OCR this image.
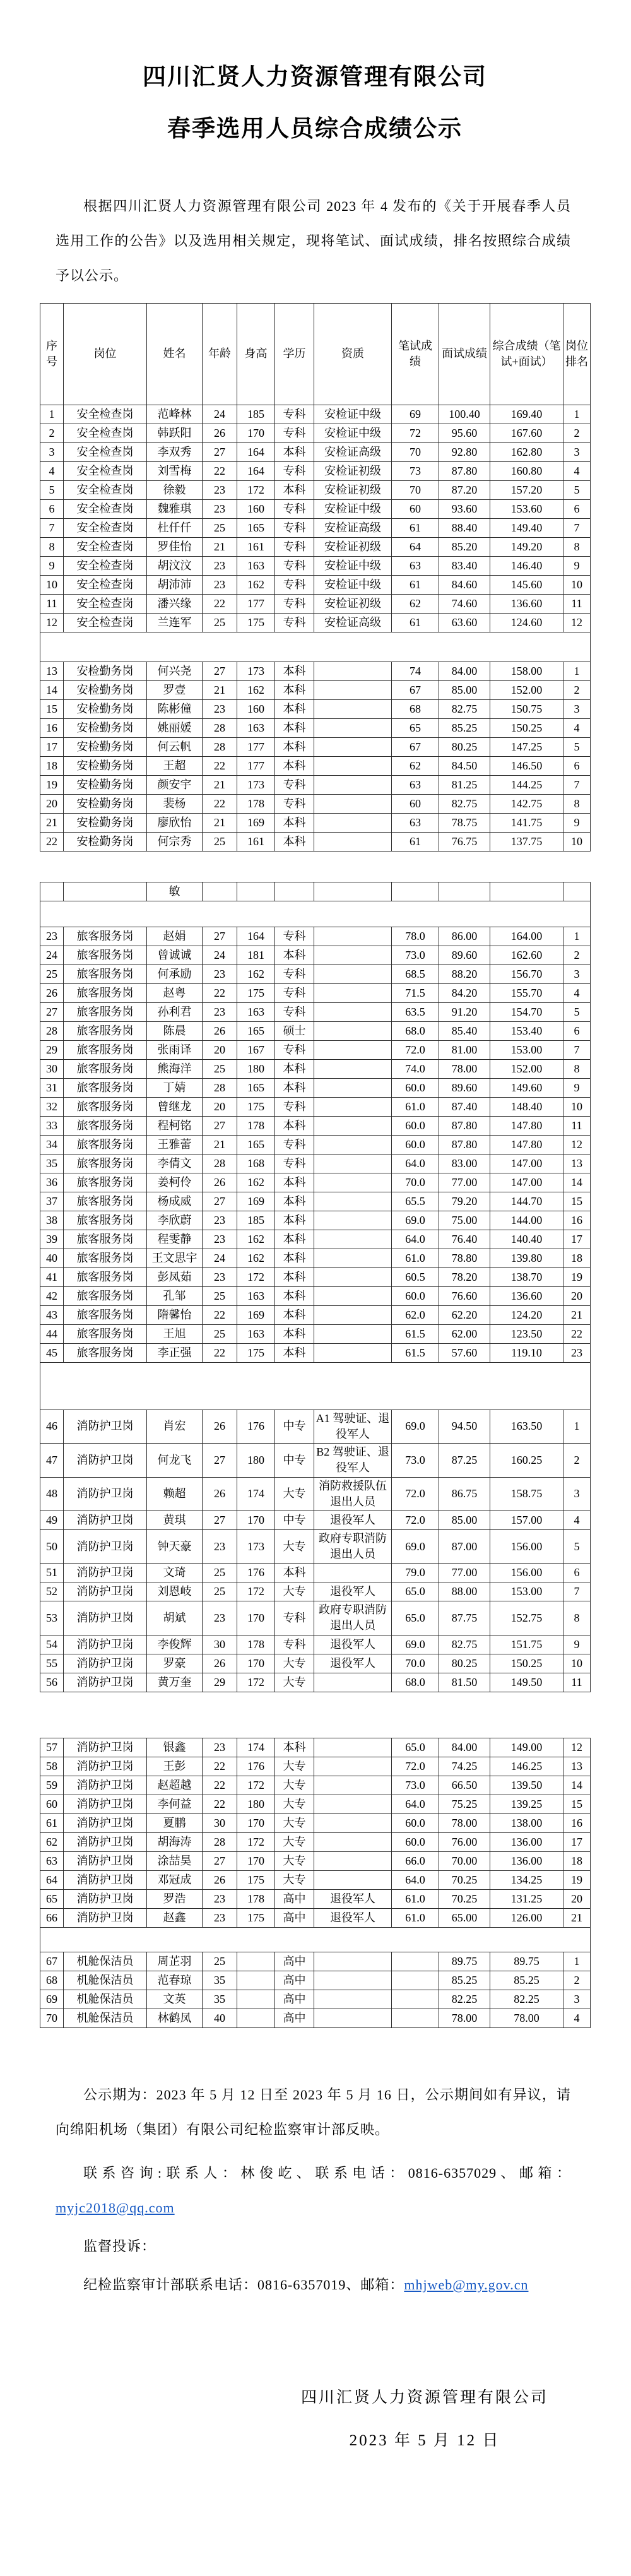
四川汇贤人力资源管理有限公司
春季选用人员综合成绩公示
根据四川汇贤人力资源管理有限公司 2023 年 4 发布的《关于开展春季人员选用工作的公告》以及选用相关规定，现将笔试、面试成绩，排名按照综合成绩予以公示。
序号	岗位	姓名	年龄	身高	学历	资质	笔试成绩	面试成绩	综合成绩（笔试+面试）	岗位排名
1	安全检查岗	范峰林	24	185	专科	安检证中级	69	100.40	169.40	1
2	安全检查岗	韩跃阳	26	170	专科	安检证中级	72	95.60	167.60	2
3	安全检查岗	李双秀	27	164	本科	安检证高级	70	92.80	162.80	3
4	安全检查岗	刘雪梅	22	164	专科	安检证初级	73	87.80	160.80	4
5	安全检查岗	徐毅	23	172	本科	安检证初级	70	87.20	157.20	5
6	安全检查岗	魏雅琪	23	160	专科	安检证中级	60	93.60	153.60	6
7	安全检查岗	杜仟仟	25	165	专科	安检证高级	61	88.40	149.40	7
8	安全检查岗	罗佳怡	21	161	专科	安检证初级	64	85.20	149.20	8
9	安全检查岗	胡汶汶	23	163	专科	安检证中级	63	83.40	146.40	9
10	安全检查岗	胡沛沛	23	162	专科	安检证中级	61	84.60	145.60	10
11	安全检查岗	潘兴缘	22	177	专科	安检证初级	62	74.60	136.60	11
12	安全检查岗	兰连军	25	175	专科	安检证高级	61	63.60	124.60	12

13	安检勤务岗	何兴尧	27	173	本科		74	84.00	158.00	1
14	安检勤务岗	罗壹	21	162	本科		67	85.00	152.00	2
15	安检勤务岗	陈彬僮	23	160	本科		68	82.75	150.75	3
16	安检勤务岗	姚丽媛	28	163	本科		65	85.25	150.25	4
17	安检勤务岗	何云帆	28	177	本科		67	80.25	147.25	5
18	安检勤务岗	王超	22	177	本科		62	84.50	146.50	6
19	安检勤务岗	颜安宇	21	173	专科		63	81.25	144.25	7
20	安检勤务岗	裴杨	22	178	专科		60	82.75	142.75	8
21	安检勤务岗	廖欣怡	21	169	本科		63	78.75	141.75	9
22	安检勤务岗	何宗秀	25	161	本科		61	76.75	137.75	10
		敏								

23	旅客服务岗	赵娟	27	164	专科		78.0	86.00	164.00	1
24	旅客服务岗	曾诚诚	24	181	本科		73.0	89.60	162.60	2
25	旅客服务岗	何承励	23	162	专科		68.5	88.20	156.70	3
26	旅客服务岗	赵粤	22	175	专科		71.5	84.20	155.70	4
27	旅客服务岗	孙利君	23	163	专科		63.5	91.20	154.70	5
28	旅客服务岗	陈晨	26	165	硕士		68.0	85.40	153.40	6
29	旅客服务岗	张雨译	20	167	专科		72.0	81.00	153.00	7
30	旅客服务岗	熊海洋	25	180	本科		74.0	78.00	152.00	8
31	旅客服务岗	丁婧	28	165	本科		60.0	89.60	149.60	9
32	旅客服务岗	曾继龙	20	175	专科		61.0	87.40	148.40	10
33	旅客服务岗	程柯铭	27	178	本科		60.0	87.80	147.80	11
34	旅客服务岗	王雅蕾	21	165	专科		60.0	87.80	147.80	12
35	旅客服务岗	李倩文	28	168	专科		64.0	83.00	147.00	13
36	旅客服务岗	姜柯伶	26	162	本科		70.0	77.00	147.00	14
37	旅客服务岗	杨成威	27	169	本科		65.5	79.20	144.70	15
38	旅客服务岗	李欣蔚	23	185	本科		69.0	75.00	144.00	16
39	旅客服务岗	程雯静	23	162	本科		64.0	76.40	140.40	17
40	旅客服务岗	王文思宇	24	162	本科		61.0	78.80	139.80	18
41	旅客服务岗	彭凤茹	23	172	本科		60.5	78.20	138.70	19
42	旅客服务岗	孔邹	25	163	本科		60.0	76.60	136.60	20
43	旅客服务岗	隋馨怡	22	169	本科		62.0	62.20	124.20	21
44	旅客服务岗	王旭	25	163	本科		61.5	62.00	123.50	22
45	旅客服务岗	李正强	22	175	本科		61.5	57.60	119.10	23

46	消防护卫岗	肖宏	26	176	中专	A1 驾驶证、退役军人	69.0	94.50	163.50	1
47	消防护卫岗	何龙飞	27	180	中专	B2 驾驶证、退役军人	73.0	87.25	160.25	2
48	消防护卫岗	赖超	26	174	大专	消防救援队伍退出人员	72.0	86.75	158.75	3
49	消防护卫岗	黄琪	27	170	中专	退役军人	72.0	85.00	157.00	4
50	消防护卫岗	钟天豪	23	173	大专	政府专职消防退出人员	69.0	87.00	156.00	5
51	消防护卫岗	文琦	25	176	本科		79.0	77.00	156.00	6
52	消防护卫岗	刘恩岐	25	172	大专	退役军人	65.0	88.00	153.00	7
53	消防护卫岗	胡斌	23	170	专科	政府专职消防退出人员	65.0	87.75	152.75	8
54	消防护卫岗	李俊辉	30	178	专科	退役军人	69.0	82.75	151.75	9
55	消防护卫岗	罗豪	26	170	大专	退役军人	70.0	80.25	150.25	10
56	消防护卫岗	黄万奎	29	172	大专		68.0	81.50	149.50	11
57	消防护卫岗	银鑫	23	174	本科		65.0	84.00	149.00	12
58	消防护卫岗	王彭	22	176	大专		72.0	74.25	146.25	13
59	消防护卫岗	赵超越	22	172	大专		73.0	66.50	139.50	14
60	消防护卫岗	李何益	22	180	大专		64.0	75.25	139.25	15
61	消防护卫岗	夏鹏	30	170	大专		60.0	78.00	138.00	16
62	消防护卫岗	胡海涛	28	172	大专		60.0	76.00	136.00	17
63	消防护卫岗	涂喆昊	27	170	大专		66.0	70.00	136.00	18
64	消防护卫岗	邓冠成	26	175	大专		64.0	70.25	134.25	19
65	消防护卫岗	罗浩	23	178	高中	退役军人	61.0	70.25	131.25	20
66	消防护卫岗	赵鑫	23	175	高中	退役军人	61.0	65.00	126.00	21

67	机舱保洁员	周芷羽	25		高中			89.75	89.75	1
68	机舱保洁员	范春琼	35		高中			85.25	85.25	2
69	机舱保洁员	文英	35		高中			82.25	82.25	3
70	机舱保洁员	林鹤凤	40		高中			78.00	78.00	4

公示期为：2023 年 5 月 12 日至 2023 年 5 月 16 日，公示期间如有异议，请向绵阳机场（集团）有限公司纪检监察审计部反映。

联系咨询:联系人：林俊屹、联系电话：0816-6357029、邮箱：myjc2018@qq.com

监督投诉：

纪检监察审计部联系电话：0816-6357019、邮箱：mhjweb@my.gov.cn

四川汇贤人力资源管理有限公司
2023 年 5 月 12 日
